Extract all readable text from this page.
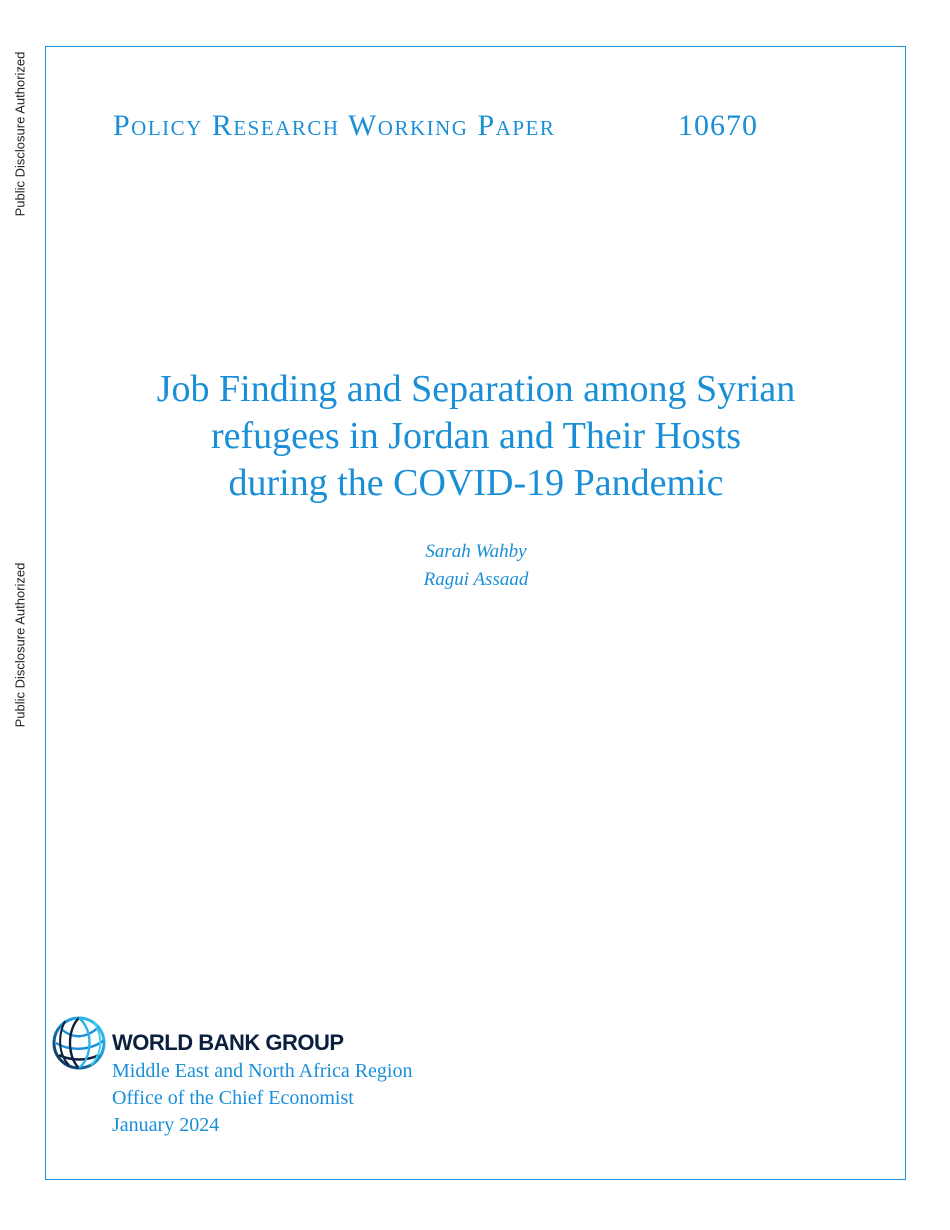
Public Disclosure Authorized
Public Disclosure Authorized
Policy Research Working Paper	10670
Job Finding and Separation among Syrian
refugees in Jordan and Their Hosts
during the COVID-19 Pandemic
Sarah Wahby
Ragui Assaad
WORLD BANK GROUP
Middle East and North Africa Region
Office of the Chief Economist
January 2024
